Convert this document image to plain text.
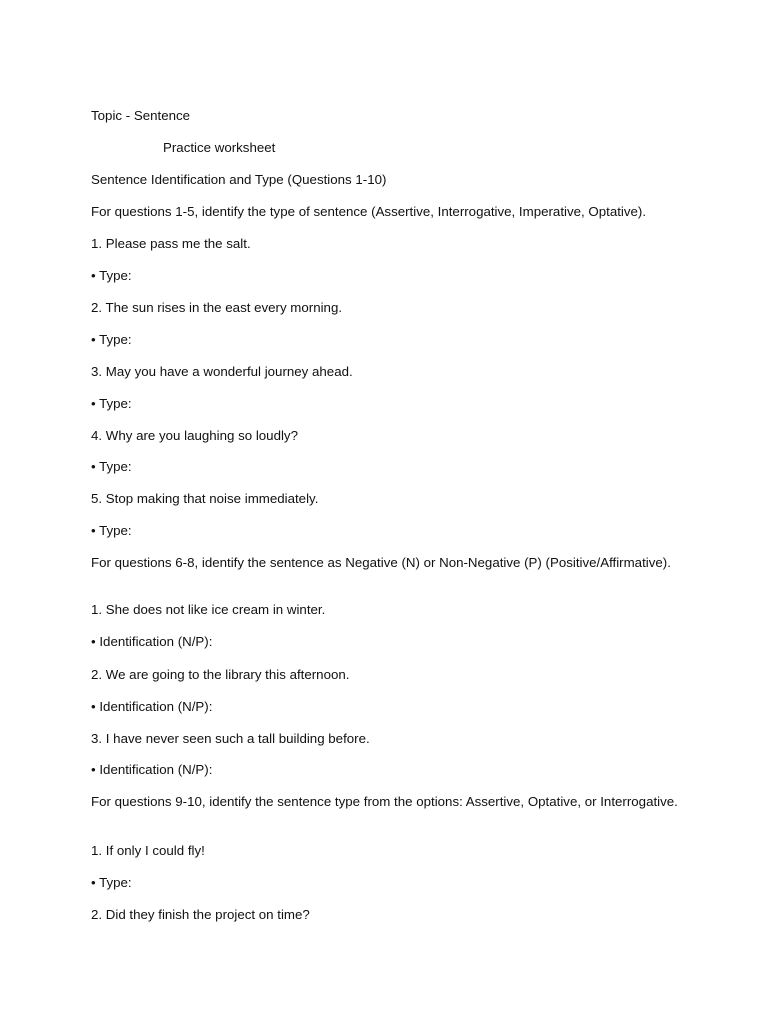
Topic - Sentence
Practice worksheet
Sentence Identification and Type (Questions 1-10)
For questions 1-5, identify the type of sentence (Assertive, Interrogative, Imperative, Optative).
1. Please pass me the salt.
• Type:
2. The sun rises in the east every morning.
• Type:
3. May you have a wonderful journey ahead.
• Type:
4. Why are you laughing so loudly?
• Type:
5. Stop making that noise immediately.
• Type:
For questions 6-8, identify the sentence as Negative (N) or Non-Negative (P) (Positive/Affirmative).
1. She does not like ice cream in winter.
• Identification (N/P):
2. We are going to the library this afternoon.
• Identification (N/P):
3. I have never seen such a tall building before.
• Identification (N/P):
For questions 9-10, identify the sentence type from the options: Assertive, Optative, or Interrogative.
1. If only I could fly!
• Type:
2. Did they finish the project on time?
